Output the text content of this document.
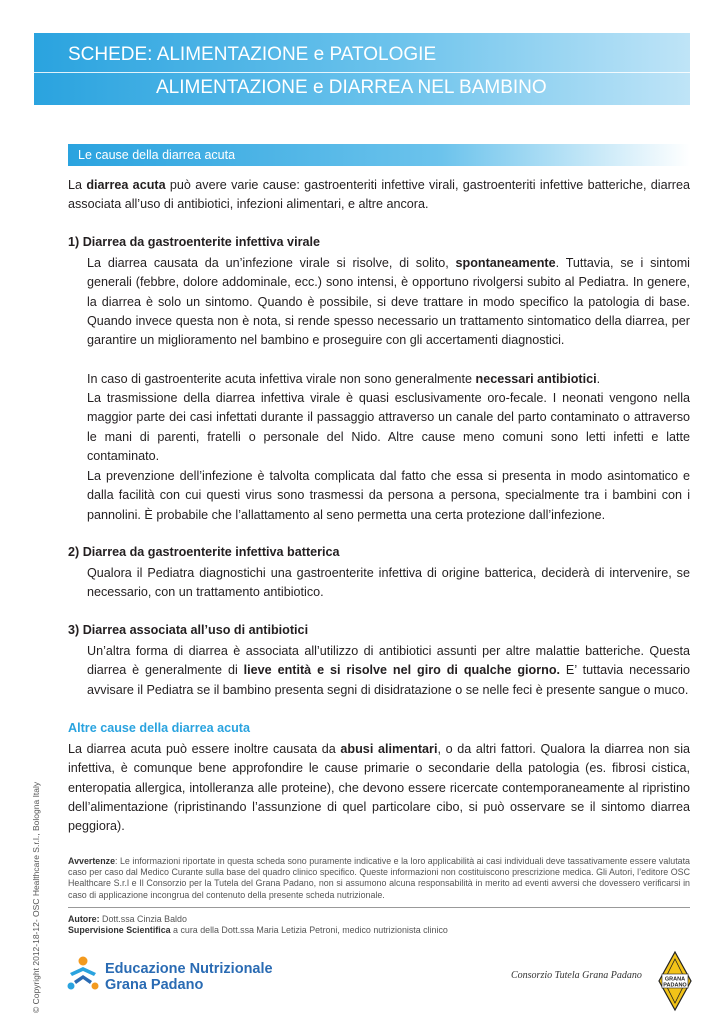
SCHEDE: ALIMENTAZIONE e PATOLOGIE
ALIMENTAZIONE e DIARREA NEL BAMBINO
Le cause della diarrea acuta
La diarrea acuta può avere varie cause: gastroenteriti infettive virali, gastroenteriti infettive batteriche, diarrea associata all’uso di antibiotici, infezioni alimentari, e altre ancora.
1) Diarrea da gastroenterite infettiva virale
La diarrea causata da un’infezione virale si risolve, di solito, spontaneamente. Tuttavia, se i sintomi generali (febbre, dolore addominale, ecc.) sono intensi, è opportuno rivolgersi subito al Pediatra. In genere, la diarrea è solo un sintomo. Quando è possibile, si deve trattare in modo specifico la patologia di base. Quando invece questa non è nota, si rende spesso necessario un trattamento sintomatico della diarrea, per garantire un miglioramento nel bambino e proseguire con gli accertamenti diagnostici.
In caso di gastroenterite acuta infettiva virale non sono generalmente necessari antibiotici.
La trasmissione della diarrea infettiva virale è quasi esclusivamente oro-fecale. I neonati vengono nella maggior parte dei casi infettati durante il passaggio attraverso un canale del parto contaminato o attraverso le mani di parenti, fratelli o personale del Nido. Altre cause meno comuni sono letti infetti e latte contaminato.
La prevenzione dell’infezione è talvolta complicata dal fatto che essa si presenta in modo asintomatico e dalla facilità con cui questi virus sono trasmessi da persona a persona, specialmente tra i bambini con i pannolini. È probabile che l’allattamento al seno permetta una certa protezione dall’infezione.
2) Diarrea da gastroenterite infettiva batterica
Qualora il Pediatra diagnostichi una gastroenterite infettiva di origine batterica, deciderà di intervenire, se necessario, con un trattamento antibiotico.
3) Diarrea associata all’uso di antibiotici
Un’altra forma di diarrea è associata all’utilizzo di antibiotici assunti per altre malattie batteriche. Questa diarrea è generalmente di lieve entità e si risolve nel giro di qualche giorno. E’ tuttavia necessario avvisare il Pediatra se il bambino presenta segni di disidratazione o se nelle feci è presente sangue o muco.
Altre cause della diarrea acuta
La diarrea acuta può essere inoltre causata da abusi alimentari, o da altri fattori. Qualora la diarrea non sia infettiva, è comunque bene approfondire le cause primarie o secondarie della patologia (es. fibrosi cistica, enteropatia allergica, intolleranza alle proteine), che devono essere ricercate contemporaneamente al ripristino dell’alimentazione (ripristinando l’assunzione di quel particolare cibo, si può osservare se il sintomo diarrea peggiora).
Avvertenze: Le informazioni riportate in questa scheda sono puramente indicative e la loro applicabilità ai casi individuali deve tassativamente essere valutata caso per caso dal Medico Curante sulla base del quadro clinico specifico. Queste informazioni non costituiscono prescrizione medica. Gli Autori, l’editore OSC Healthcare S.r.l e Il Consorzio per la Tutela del Grana Padano, non si assumono alcuna responsabilità in merito ad eventi avversi che dovessero verificarsi in caso di applicazione incongrua del contenuto della presente scheda nutrizionale.
Autore: Dott.ssa Cinzia Baldo
Supervisione Scientifica a cura della Dott.ssa Maria Letizia Petroni, medico nutrizionista clinico
© Copyright 2012-18-12- OSC Healthcare S.r.l., Bologna Italy	Educazione Nutrizionale
Grana Padano
Consorzio Tutela Grana Padano	GRANA
PADANO
